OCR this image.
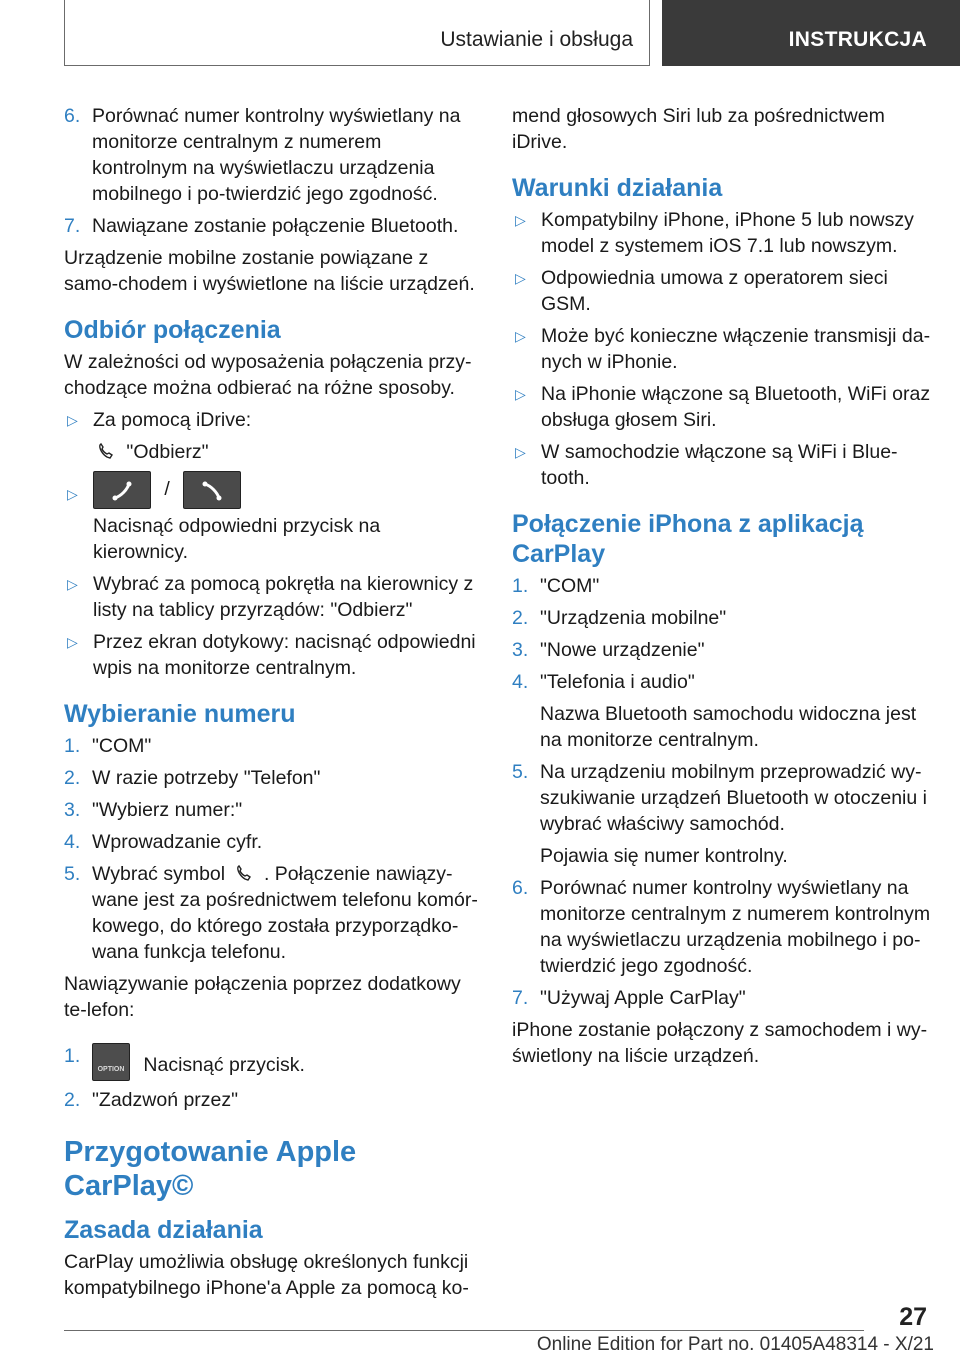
Ustawianie i obsługa	INSTRUKCJA
6. Porównać numer kontrolny wyświetlany na monitorze centralnym z numerem kontrolnym na wyświetlaczu urządzenia mobilnego i po-twierdzić jego zgodność.
7. Nawiązane zostanie połączenie Bluetooth.
Urządzenie mobilne zostanie powiązane z samo-chodem i wyświetlone na liście urządzeń.
Odbiór połączenia
W zależności od wyposażenia połączenia przy-chodzące można odbierać na różne sposoby.
▷ Za pomocą iDrive:
"Odbierz"
▷	/
Nacisnąć odpowiedni przycisk na kierownicy.
▷ Wybrać za pomocą pokrętła na kierownicy z listy na tablicy przyrządów: "Odbierz"
▷ Przez ekran dotykowy: nacisnąć odpowiedni wpis na monitorze centralnym.
Wybieranie numeru
1. "COM"
2. W razie potrzeby "Telefon"
3. "Wybierz numer:"
4. Wprowadzanie cyfr.
5. Wybrać symbol . Połączenie nawiązy-wane jest za pośrednictwem telefonu komór-kowego, do którego została przyporządko-wana funkcja telefonu.
Nawiązywanie połączenia poprzez dodatkowy te-lefon:
1.
OPTION Nacisnąć przycisk.
2. "Zadzwoń przez"
Przygotowanie Apple CarPlay©
Zasada działania
CarPlay umożliwia obsługę określonych funkcji kompatybilnego iPhone'a Apple za pomocą ko-
mend głosowych Siri lub za pośrednictwem iDrive.
Warunki działania
▷ Kompatybilny iPhone, iPhone 5 lub nowszy model z systemem iOS 7.1 lub nowszym.
▷ Odpowiednia umowa z operatorem sieci GSM.
▷ Może być konieczne włączenie transmisji da-nych w iPhonie.
▷ Na iPhonie włączone są Bluetooth, WiFi oraz obsługa głosem Siri.
▷ W samochodzie włączone są WiFi i Blue-tooth.
Połączenie iPhona z aplikacją CarPlay
1. "COM"
2. "Urządzenia mobilne"
3. "Nowe urządzenie"
4. "Telefonia i audio"
Nazwa Bluetooth samochodu widoczna jest na monitorze centralnym.
5. Na urządzeniu mobilnym przeprowadzić wy-szukiwanie urządzeń Bluetooth w otoczeniu i wybrać właściwy samochód.
Pojawia się numer kontrolny.
6. Porównać numer kontrolny wyświetlany na monitorze centralnym z numerem kontrolnym na wyświetlaczu urządzenia mobilnego i po-twierdzić jego zgodność.
7. "Używaj Apple CarPlay"
iPhone zostanie połączony z samochodem i wy-świetlony na liście urządzeń.
27
Online Edition for Part no. 01405A48314 - X/21
